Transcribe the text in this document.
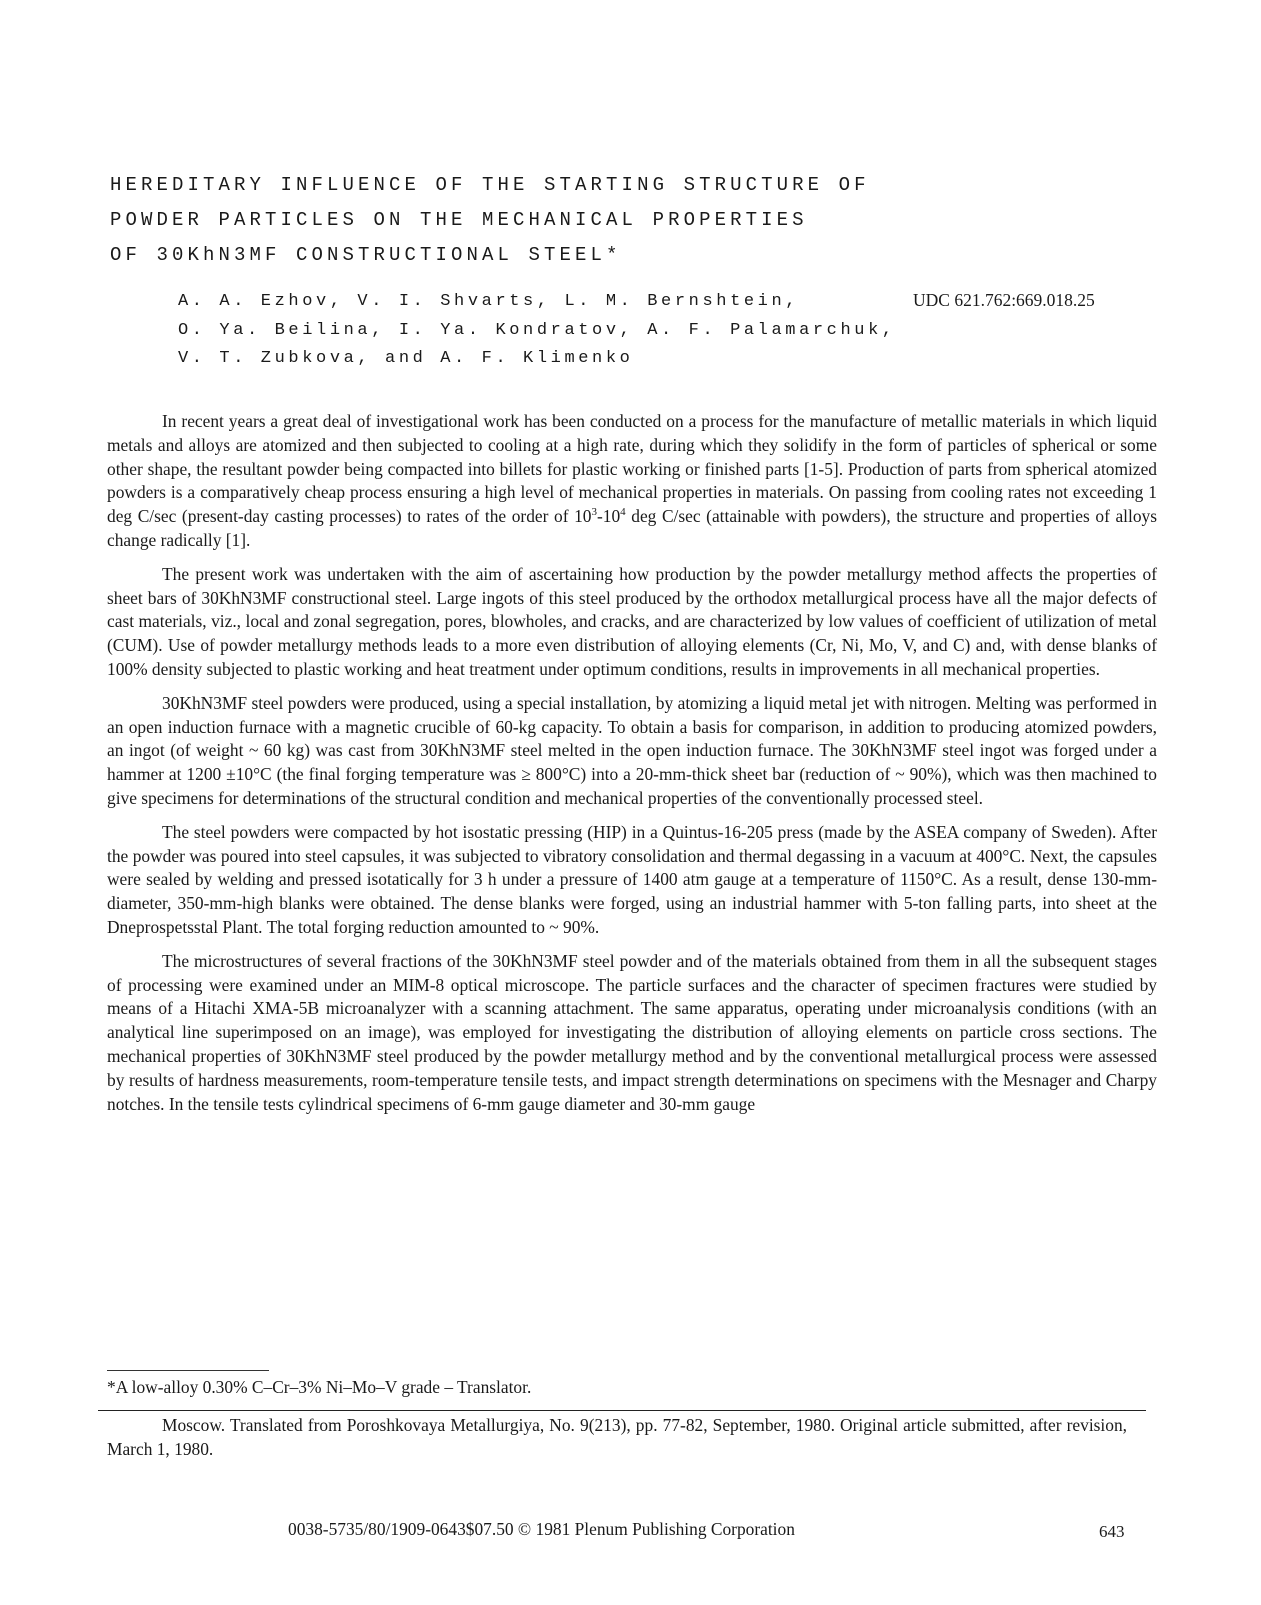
HEREDITARY INFLUENCE OF THE STARTING STRUCTURE OF
POWDER PARTICLES ON THE MECHANICAL PROPERTIES
OF 30KhN3MF CONSTRUCTIONAL STEEL*
A. A. Ezhov, V. I. Shvarts, L. M. Bernshtein,
O. Ya. Beilina, I. Ya. Kondratov, A. F. Palamarchuk,
V. T. Zubkova, and A. F. Klimenko
UDC 621.762:669.018.25

In recent years a great deal of investigational work has been conducted on a process for the manufacture of metallic materials in which liquid metals and alloys are atomized and then subjected to cooling at a high rate, during which they solidify in the form of particles of spherical or some other shape, the resultant powder being compacted into billets for plastic working or finished parts [1-5]. Production of parts from spherical atomized powders is a comparatively cheap process ensuring a high level of mechanical properties in materials. On passing from cooling rates not exceeding 1 deg C/sec (present-day casting processes) to rates of the order of $10^3-10^4$ deg C/sec (attainable with powders), the structure and properties of alloys change radically [1].

The present work was undertaken with the aim of ascertaining how production by the powder metallurgy method affects the properties of sheet bars of 30KhN3MF constructional steel. Large ingots of this steel produced by the orthodox metallurgical process have all the major defects of cast materials, viz., local and zonal segregation, pores, blowholes, and cracks, and are characterized by low values of coefficient of utilization of metal (CUM). Use of powder metallurgy methods leads to a more even distribution of alloying elements (Cr, Ni, Mo, V, and C) and, with dense blanks of 100% density subjected to plastic working and heat treatment under optimum conditions, results in improvements in all mechanical properties.

30KhN3MF steel powders were produced, using a special installation, by atomizing a liquid metal jet with nitrogen. Melting was performed in an open induction furnace with a magnetic crucible of 60-kg capacity. To obtain a basis for comparison, in addition to producing atomized powders, an ingot (of weight ~ 60 kg) was cast from 30KhN3MF steel melted in the open induction furnace. The 30KhN3MF steel ingot was forged under a hammer at 1200 ±10°C (the final forging temperature was ≥ 800°C) into a 20-mm-thick sheet bar (reduction of ~ 90%), which was then machined to give specimens for determinations of the structural condition and mechanical properties of the conventionally processed steel.

The steel powders were compacted by hot isostatic pressing (HIP) in a Quintus-16-205 press (made by the ASEA company of Sweden). After the powder was poured into steel capsules, it was subjected to vibratory consolidation and thermal degassing in a vacuum at 400°C. Next, the capsules were sealed by welding and pressed isotatically for 3 h under a pressure of 1400 atm gauge at a temperature of 1150°C. As a result, dense 130-mm-diameter, 350-mm-high blanks were obtained. The dense blanks were forged, using an industrial hammer with 5-ton falling parts, into sheet at the Dneprospetsstal Plant. The total forging reduction amounted to ~ 90%.

The microstructures of several fractions of the 30KhN3MF steel powder and of the materials obtained from them in all the subsequent stages of processing were examined under an MIM-8 optical microscope. The particle surfaces and the character of specimen fractures were studied by means of a Hitachi XMA-5B microanalyzer with a scanning attachment. The same apparatus, operating under microanalysis conditions (with an analytical line superimposed on an image), was employed for investigating the distribution of alloying elements on particle cross sections. The mechanical properties of 30KhN3MF steel produced by the powder metallurgy method and by the conventional metallurgical process were assessed by results of hardness measurements, room-temperature tensile tests, and impact strength determinations on specimens with the Mesnager and Charpy notches. In the tensile tests cylindrical specimens of 6-mm gauge diameter and 30-mm gauge

*A low-alloy 0.30% C–Cr–3% Ni–Mo–V grade – Translator.
Moscow. Translated from Poroshkovaya Metallurgiya, No. 9(213), pp. 77-82, September, 1980. Original article submitted, after revision, March 1, 1980.
0038-5735/80/1909-0643$07.50 © 1981 Plenum Publishing Corporation	643
